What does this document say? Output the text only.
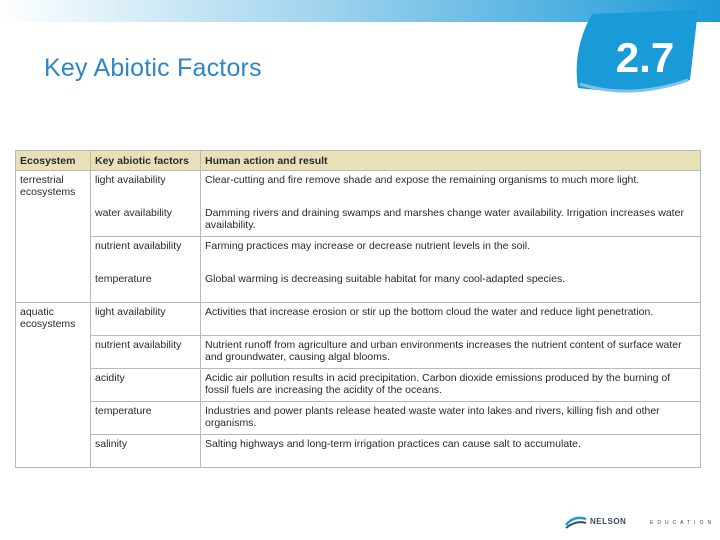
Key Abiotic Factors	2.7
Ecosystem	Key abiotic factors	Human action and result
terrestrial ecosystems	light availability	Clear-cutting and fire remove shade and expose the remaining organisms to much more light.
	water availability	Damming rivers and draining swamps and marshes change water availability. Irrigation increases water availability.
	nutrient availability	Farming practices may increase or decrease nutrient levels in the soil.
	temperature	Global warming is decreasing suitable habitat for many cool-adapted species.
aquatic ecosystems	light availability	Activities that increase erosion or stir up the bottom cloud the water and reduce light penetration.
	nutrient availability	Nutrient runoff from agriculture and urban environments increases the nutrient content of surface water and groundwater, causing algal blooms.
	acidity	Acidic air pollution results in acid precipitation. Carbon dioxide emissions produced by the burning of fossil fuels are increasing the acidity of the oceans.
	temperature	Industries and power plants release heated waste water into lakes and rivers, killing fish and other organisms.
	salinity	Salting highways and long-term irrigation practices can cause salt to accumulate.
NELSON	EDUCATION
